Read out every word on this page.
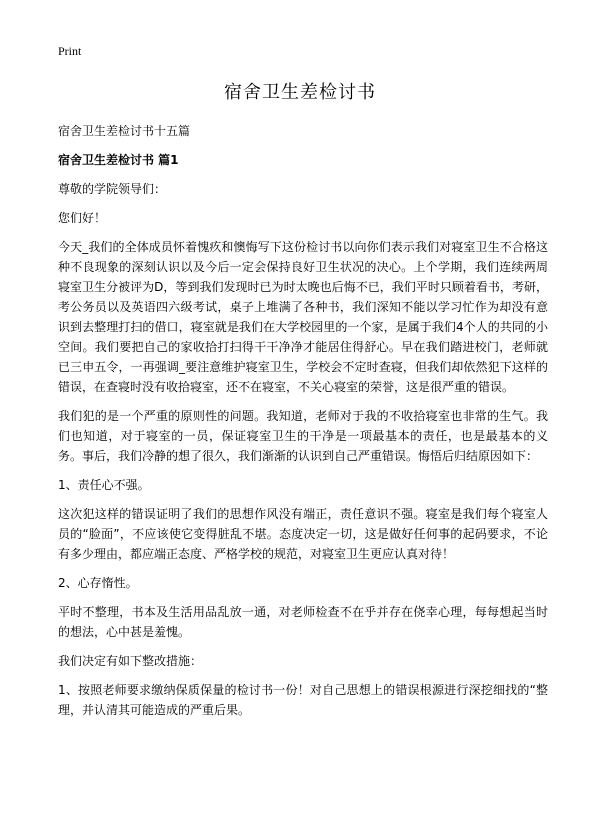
Print
宿舍卫生差检讨书

宿舍卫生差检讨书十五篇

宿舍卫生差检讨书 篇1

尊敬的学院领导们：

您们好！

今天_我们的全体成员怀着愧疚和懊悔写下这份检讨书以向你们表示我们对寝室卫生不合格这种不良现象的深刻认识以及今后一定会保持良好卫生状况的决心。上个学期，我们连续两周寝室卫生分被评为D，等到我们发现时已为时太晚也后悔不已，我们平时只顾着看书，考研，考公务员以及英语四六级考试，桌子上堆满了各种书，我们深知不能以学习忙作为却没有意识到去整理打扫的借口，寝室就是我们在大学校园里的一个家，是属于我们4个人的共同的小空间。我们要把自己的家收拾打扫得干干净净才能居住得舒心。早在我们踏进校门，老师就已三申五令，一再强调_要注意维护寝室卫生，学校会不定时查寝，但我们却依然犯下这样的错误，在查寝时没有收拾寝室，还不在寝室，不关心寝室的荣誉，这是很严重的错误。

我们犯的是一个严重的原则性的问题。我知道，老师对于我的不收拾寝室也非常的生气。我们也知道，对于寝室的一员，保证寝室卫生的干净是一项最基本的责任，也是最基本的义务。事后，我们冷静的想了很久，我们渐渐的认识到自己严重错误。悔悟后归结原因如下：

1、责任心不强。

这次犯这样的错误证明了我们的思想作风没有端正，责任意识不强。寝室是我们每个寝室人员的“脸面”，不应该使它变得脏乱不堪。态度决定一切，这是做好任何事的起码要求，不论有多少理由，都应端正态度、严格学校的规范，对寝室卫生更应认真对待！

2、心存惰性。

平时不整理，书本及生活用品乱放一通，对老师检查不在乎并存在侥幸心理，每每想起当时的想法，心中甚是羞愧。

我们决定有如下整改措施：

1、按照老师要求缴纳保质保量的检讨书一份！对自己思想上的错误根源进行深挖细找的“整理，并认清其可能造成的严重后果。
